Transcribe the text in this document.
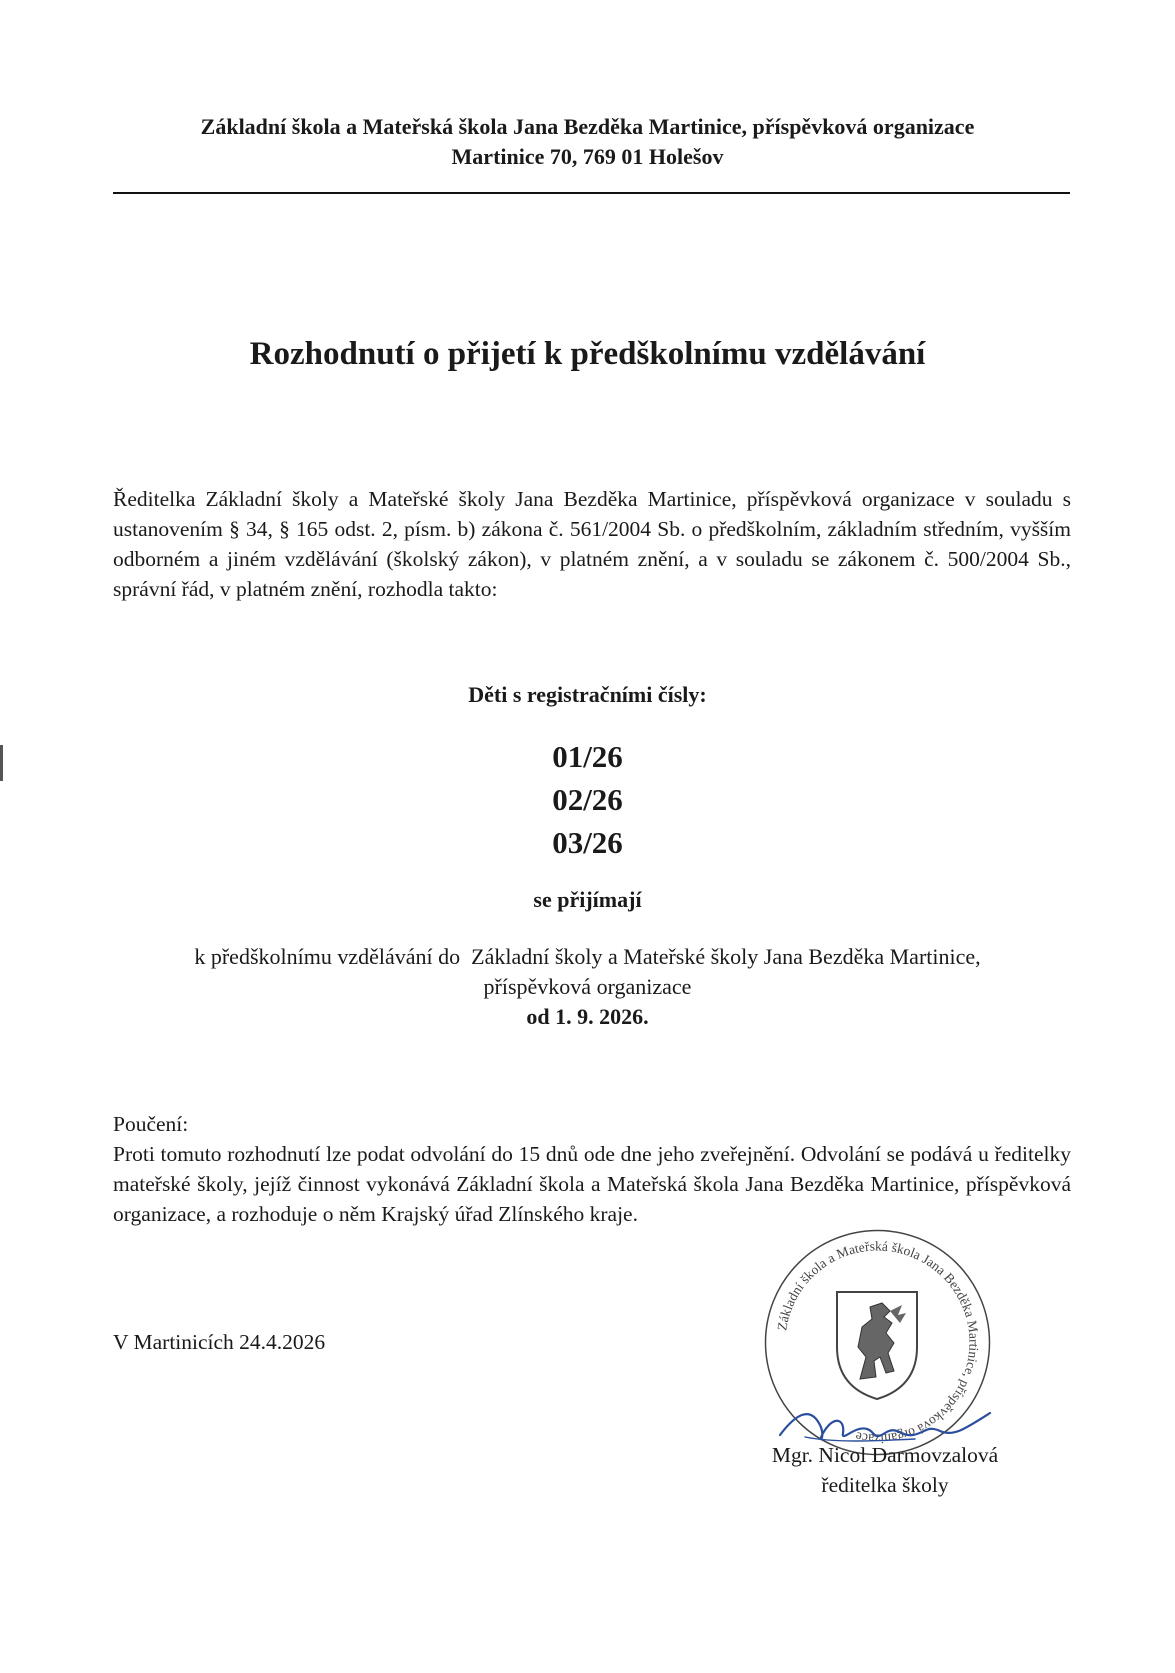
Základní škola a Mateřská škola Jana Bezděka Martinice, příspěvková organizace
Martinice 70, 769 01 Holešov
Rozhodnutí o přijetí k předškolnímu vzdělávání
Ředitelka Základní školy a Mateřské školy Jana Bezděka Martinice, příspěvková organizace v souladu s ustanovením § 34, § 165 odst. 2, písm. b) zákona č. 561/2004 Sb. o předškolním, základním středním, vyšším odborném a jiném vzdělávání (školský zákon), v platném znění, a v souladu se zákonem č. 500/2004 Sb., správní řád, v platném znění, rozhodla takto:
Děti s registračními čísly:
01/26
02/26
03/26
se přijímají
k předškolnímu vzdělávání do  Základní školy a Mateřské školy Jana Bezděka Martinice,
příspěvková organizace
od 1. 9. 2026.
Poučení:
Proti tomuto rozhodnutí lze podat odvolání do 15 dnů ode dne jeho zveřejnění. Odvolání se podává u ředitelky mateřské školy, jejíž činnost vykonává Základní škola a Mateřská škola Jana Bezděka Martinice, příspěvková organizace, a rozhoduje o něm Krajský úřad Zlínského kraje.
V Martinicích 24.4.2026
Základní škola a Mateřská škola Jana Bezděka Martinice, příspěvková organizace
Mgr. Nicol Darmovzalová
ředitelka školy
